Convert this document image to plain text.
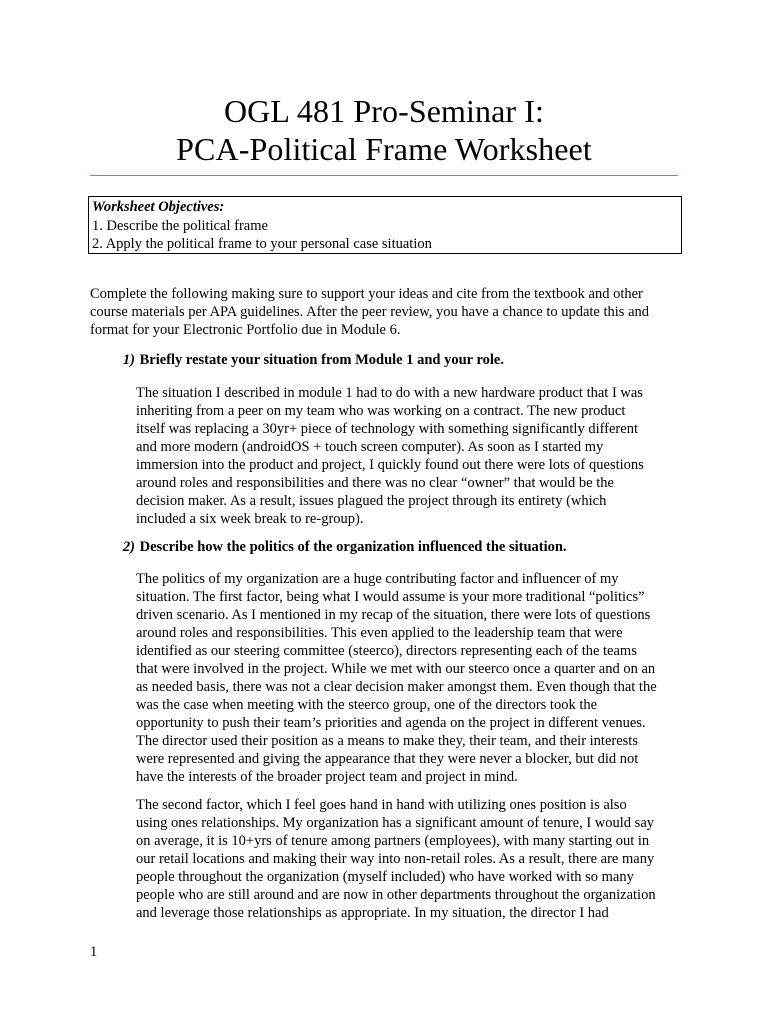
OGL 481 Pro-Seminar I:
PCA-Political Frame Worksheet
Worksheet Objectives:
1. Describe the political frame
2. Apply the political frame to your personal case situation
Complete the following making sure to support your ideas and cite from the textbook and other
course materials per APA guidelines. After the peer review, you have a chance to update this and
format for your Electronic Portfolio due in Module 6.
1) Briefly restate your situation from Module 1 and your role.
The situation I described in module 1 had to do with a new hardware product that I was
inheriting from a peer on my team who was working on a contract. The new product
itself was replacing a 30yr+ piece of technology with something significantly different
and more modern (androidOS + touch screen computer). As soon as I started my
immersion into the product and project, I quickly found out there were lots of questions
around roles and responsibilities and there was no clear “owner” that would be the
decision maker. As a result, issues plagued the project through its entirety (which
included a six week break to re-group).
2) Describe how the politics of the organization influenced the situation.
The politics of my organization are a huge contributing factor and influencer of my
situation. The first factor, being what I would assume is your more traditional “politics”
driven scenario. As I mentioned in my recap of the situation, there were lots of questions
around roles and responsibilities. This even applied to the leadership team that were
identified as our steering committee (steerco), directors representing each of the teams
that were involved in the project. While we met with our steerco once a quarter and on an
as needed basis, there was not a clear decision maker amongst them. Even though that the
was the case when meeting with the steerco group, one of the directors took the
opportunity to push their team’s priorities and agenda on the project in different venues.
The director used their position as a means to make they, their team, and their interests
were represented and giving the appearance that they were never a blocker, but did not
have the interests of the broader project team and project in mind.
The second factor, which I feel goes hand in hand with utilizing ones position is also
using ones relationships. My organization has a significant amount of tenure, I would say
on average, it is 10+yrs of tenure among partners (employees), with many starting out in
our retail locations and making their way into non-retail roles. As a result, there are many
people throughout the organization (myself included) who have worked with so many
people who are still around and are now in other departments throughout the organization
and leverage those relationships as appropriate. In my situation, the director I had
1
